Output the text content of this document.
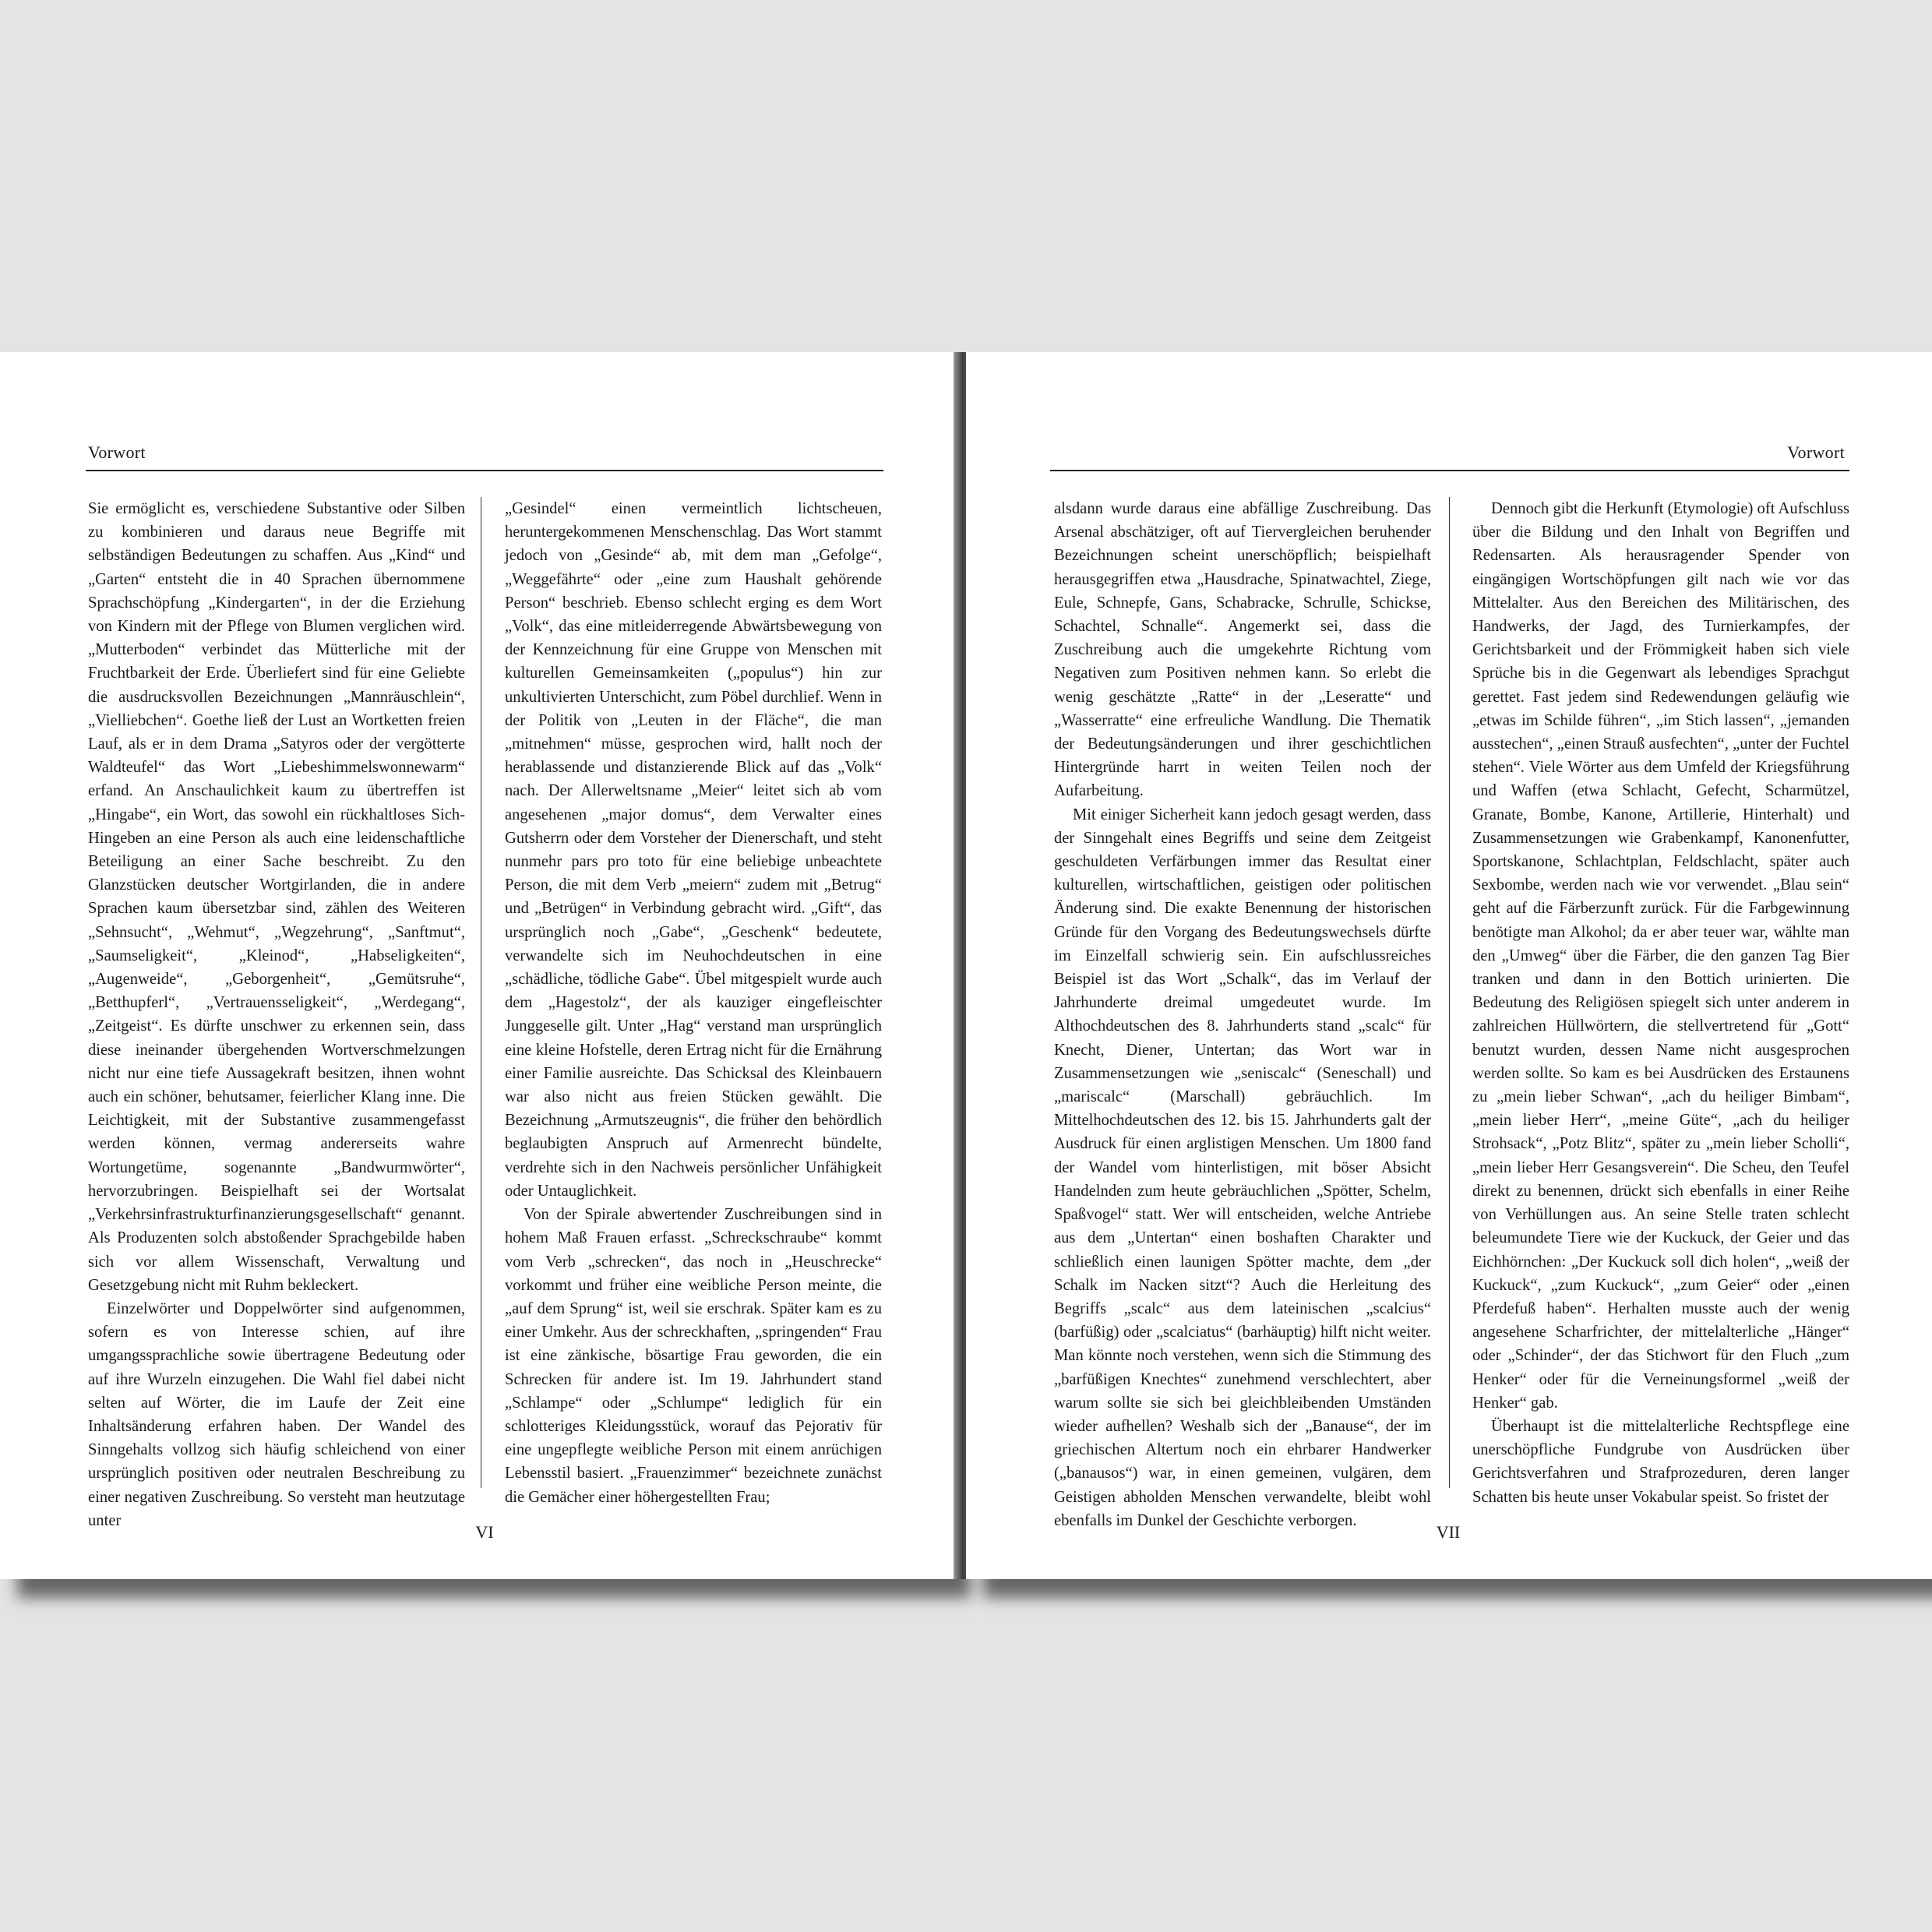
Vorwort

Sie ermöglicht es, verschiedene Substantive oder Silben zu kombinieren und daraus neue Begriffe mit selbständigen Bedeutungen zu schaffen. Aus „Kind“ und „Garten“ entsteht die in 40 Sprachen übernommene Sprachschöpfung „Kindergarten“, in der die Erziehung von Kindern mit der Pflege von Blumen verglichen wird. „Mutterboden“ verbindet das Mütterliche mit der Fruchtbarkeit der Erde. Überliefert sind für eine Geliebte die ausdrucksvollen Bezeichnungen „Mannräuschlein“, „Vielliebchen“. Goethe ließ der Lust an Wortketten freien Lauf, als er in dem Drama „Satyros oder der vergötterte Waldteufel“ das Wort „Liebeshimmelswonnewarm“ erfand. An Anschaulichkeit kaum zu übertreffen ist „Hingabe“, ein Wort, das sowohl ein rückhaltloses Sich-Hingeben an eine Person als auch eine leidenschaftliche Beteiligung an einer Sache beschreibt. Zu den Glanzstücken deutscher Wortgirlanden, die in andere Sprachen kaum übersetzbar sind, zählen des Weiteren „Sehnsucht“, „Wehmut“, „Wegzehrung“, „Sanftmut“, „Saumseligkeit“, „Kleinod“, „Habseligkeiten“, „Augenweide“, „Geborgenheit“, „Gemütsruhe“, „Betthupferl“, „Vertrauensseligkeit“, „Werdegang“, „Zeitgeist“. Es dürfte unschwer zu erkennen sein, dass diese ineinander übergehenden Wortverschmelzungen nicht nur eine tiefe Aussagekraft besitzen, ihnen wohnt auch ein schöner, behutsamer, feierlicher Klang inne. Die Leichtigkeit, mit der Substantive zusammengefasst werden können, vermag andererseits wahre Wortungetüme, sogenannte „Bandwurmwörter“, hervorzubringen. Beispielhaft sei der Wortsalat „Verkehrsinfrastrukturfinanzierungsgesellschaft“ genannt. Als Produzenten solch abstoßender Sprachgebilde haben sich vor allem Wissenschaft, Verwaltung und Gesetzgebung nicht mit Ruhm bekleckert.

Einzelwörter und Doppelwörter sind aufgenommen, sofern es von Interesse schien, auf ihre umgangssprachliche sowie übertragene Bedeutung oder auf ihre Wurzeln einzugehen. Die Wahl fiel dabei nicht selten auf Wörter, die im Laufe der Zeit eine Inhaltsänderung erfahren haben. Der Wandel des Sinngehalts vollzog sich häufig schleichend von einer ursprünglich positiven oder neutralen Beschreibung zu einer negativen Zuschreibung. So versteht man heutzutage unter

„Gesindel“ einen vermeintlich lichtscheuen, heruntergekommenen Menschenschlag. Das Wort stammt jedoch von „Gesinde“ ab, mit dem man „Gefolge“, „Weggefährte“ oder „eine zum Haushalt gehörende Person“ beschrieb. Ebenso schlecht erging es dem Wort „Volk“, das eine mitleiderregende Abwärtsbewegung von der Kennzeichnung für eine Gruppe von Menschen mit kulturellen Gemeinsamkeiten („populus“) hin zur unkultivierten Unterschicht, zum Pöbel durchlief. Wenn in der Politik von „Leuten in der Fläche“, die man „mitnehmen“ müsse, gesprochen wird, hallt noch der herablassende und distanzierende Blick auf das „Volk“ nach. Der Allerweltsname „Meier“ leitet sich ab vom angesehenen „major domus“, dem Verwalter eines Gutsherrn oder dem Vorsteher der Dienerschaft, und steht nunmehr pars pro toto für eine beliebige unbeachtete Person, die mit dem Verb „meiern“ zudem mit „Betrug“ und „Betrügen“ in Verbindung gebracht wird. „Gift“, das ursprünglich noch „Gabe“, „Geschenk“ bedeutete, verwandelte sich im Neuhochdeutschen in eine „schädliche, tödliche Gabe“. Übel mitgespielt wurde auch dem „Hagestolz“, der als kauziger eingefleischter Junggeselle gilt. Unter „Hag“ verstand man ursprünglich eine kleine Hofstelle, deren Ertrag nicht für die Ernährung einer Familie ausreichte. Das Schicksal des Kleinbauern war also nicht aus freien Stücken gewählt. Die Bezeichnung „Armutszeugnis“, die früher den behördlich beglaubigten Anspruch auf Armenrecht bündelte, verdrehte sich in den Nachweis persönlicher Unfähigkeit oder Untauglichkeit.

Von der Spirale abwertender Zuschreibungen sind in hohem Maß Frauen erfasst. „Schreckschraube“ kommt vom Verb „schrecken“, das noch in „Heuschrecke“ vorkommt und früher eine weibliche Person meinte, die „auf dem Sprung“ ist, weil sie erschrak. Später kam es zu einer Umkehr. Aus der schreckhaften, „springenden“ Frau ist eine zänkische, bösartige Frau geworden, die ein Schrecken für andere ist. Im 19. Jahrhundert stand „Schlampe“ oder „Schlumpe“ lediglich für ein schlotteriges Kleidungsstück, worauf das Pejorativ für eine ungepflegte weibliche Person mit einem anrüchigen Lebensstil basiert. „Frauenzimmer“ bezeichnete zunächst die Gemächer einer höhergestellten Frau;

VI
Vorwort

alsdann wurde daraus eine abfällige Zuschreibung. Das Arsenal abschätziger, oft auf Tiervergleichen beruhender Bezeichnungen scheint unerschöpflich; beispielhaft herausgegriffen etwa „Hausdrache, Spinatwachtel, Ziege, Eule, Schnepfe, Gans, Schabracke, Schrulle, Schickse, Schachtel, Schnalle“. Angemerkt sei, dass die Zuschreibung auch die umgekehrte Richtung vom Negativen zum Positiven nehmen kann. So erlebt die wenig geschätzte „Ratte“ in der „Leseratte“ und „Wasserratte“ eine erfreuliche Wandlung. Die Thematik der Bedeutungsänderungen und ihrer geschichtlichen Hintergründe harrt in weiten Teilen noch der Aufarbeitung.

Mit einiger Sicherheit kann jedoch gesagt werden, dass der Sinngehalt eines Begriffs und seine dem Zeitgeist geschuldeten Verfärbungen immer das Resultat einer kulturellen, wirtschaftlichen, geistigen oder politischen Änderung sind. Die exakte Benennung der historischen Gründe für den Vorgang des Bedeutungswechsels dürfte im Einzelfall schwierig sein. Ein aufschlussreiches Beispiel ist das Wort „Schalk“, das im Verlauf der Jahrhunderte dreimal umgedeutet wurde. Im Althochdeutschen des 8. Jahrhunderts stand „scalc“ für Knecht, Diener, Untertan; das Wort war in Zusammensetzungen wie „seniscalc“ (Seneschall) und „mariscalc“ (Marschall) gebräuchlich. Im Mittelhochdeutschen des 12. bis 15. Jahrhunderts galt der Ausdruck für einen arglistigen Menschen. Um 1800 fand der Wandel vom hinterlistigen, mit böser Absicht Handelnden zum heute gebräuchlichen „Spötter, Schelm, Spaßvogel“ statt. Wer will entscheiden, welche Antriebe aus dem „Untertan“ einen boshaften Charakter und schließlich einen launigen Spötter machte, dem „der Schalk im Nacken sitzt“? Auch die Herleitung des Begriffs „scalc“ aus dem lateinischen „scalcius“ (barfüßig) oder „scalciatus“ (barhäuptig) hilft nicht weiter. Man könnte noch verstehen, wenn sich die Stimmung des „barfüßigen Knechtes“ zunehmend verschlechtert, aber warum sollte sie sich bei gleichbleibenden Umständen wieder aufhellen? Weshalb sich der „Banause“, der im griechischen Altertum noch ein ehrbarer Handwerker („banausos“) war, in einen gemeinen, vulgären, dem Geistigen abholden Menschen verwandelte, bleibt wohl ebenfalls im Dunkel der Geschichte verborgen.

Dennoch gibt die Herkunft (Etymologie) oft Aufschluss über die Bildung und den Inhalt von Begriffen und Redensarten. Als herausragender Spender von eingängigen Wortschöpfungen gilt nach wie vor das Mittelalter. Aus den Bereichen des Militärischen, des Handwerks, der Jagd, des Turnierkampfes, der Gerichtsbarkeit und der Frömmigkeit haben sich viele Sprüche bis in die Gegenwart als lebendiges Sprachgut gerettet. Fast jedem sind Redewendungen geläufig wie „etwas im Schilde führen“, „im Stich lassen“, „jemanden ausstechen“, „einen Strauß ausfechten“, „unter der Fuchtel stehen“. Viele Wörter aus dem Umfeld der Kriegsführung und Waffen (etwa Schlacht, Gefecht, Scharmützel, Granate, Bombe, Kanone, Artillerie, Hinterhalt) und Zusammensetzungen wie Grabenkampf, Kanonenfutter, Sportskanone, Schlachtplan, Feldschlacht, später auch Sexbombe, werden nach wie vor verwendet. „Blau sein“ geht auf die Färberzunft zurück. Für die Farbgewinnung benötigte man Alkohol; da er aber teuer war, wählte man den „Umweg“ über die Färber, die den ganzen Tag Bier tranken und dann in den Bottich urinierten. Die Bedeutung des Religiösen spiegelt sich unter anderem in zahlreichen Hüllwörtern, die stellvertretend für „Gott“ benutzt wurden, dessen Name nicht ausgesprochen werden sollte. So kam es bei Ausdrücken des Erstaunens zu „mein lieber Schwan“, „ach du heiliger Bimbam“, „mein lieber Herr“, „meine Güte“, „ach du heiliger Strohsack“, „Potz Blitz“, später zu „mein lieber Scholli“, „mein lieber Herr Gesangsverein“. Die Scheu, den Teufel direkt zu benennen, drückt sich ebenfalls in einer Reihe von Verhüllungen aus. An seine Stelle traten schlecht beleumundete Tiere wie der Kuckuck, der Geier und das Eichhörnchen: „Der Kuckuck soll dich holen“, „weiß der Kuckuck“, „zum Kuckuck“, „zum Geier“ oder „einen Pferdefuß haben“. Herhalten musste auch der wenig angesehene Scharfrichter, der mittelalterliche „Hänger“ oder „Schinder“, der das Stichwort für den Fluch „zum Henker“ oder für die Verneinungsformel „weiß der Henker“ gab.

Überhaupt ist die mittelalterliche Rechtspflege eine unerschöpfliche Fundgrube von Ausdrücken über Gerichtsverfahren und Strafprozeduren, deren langer Schatten bis heute unser Vokabular speist. So fristet der

VII
